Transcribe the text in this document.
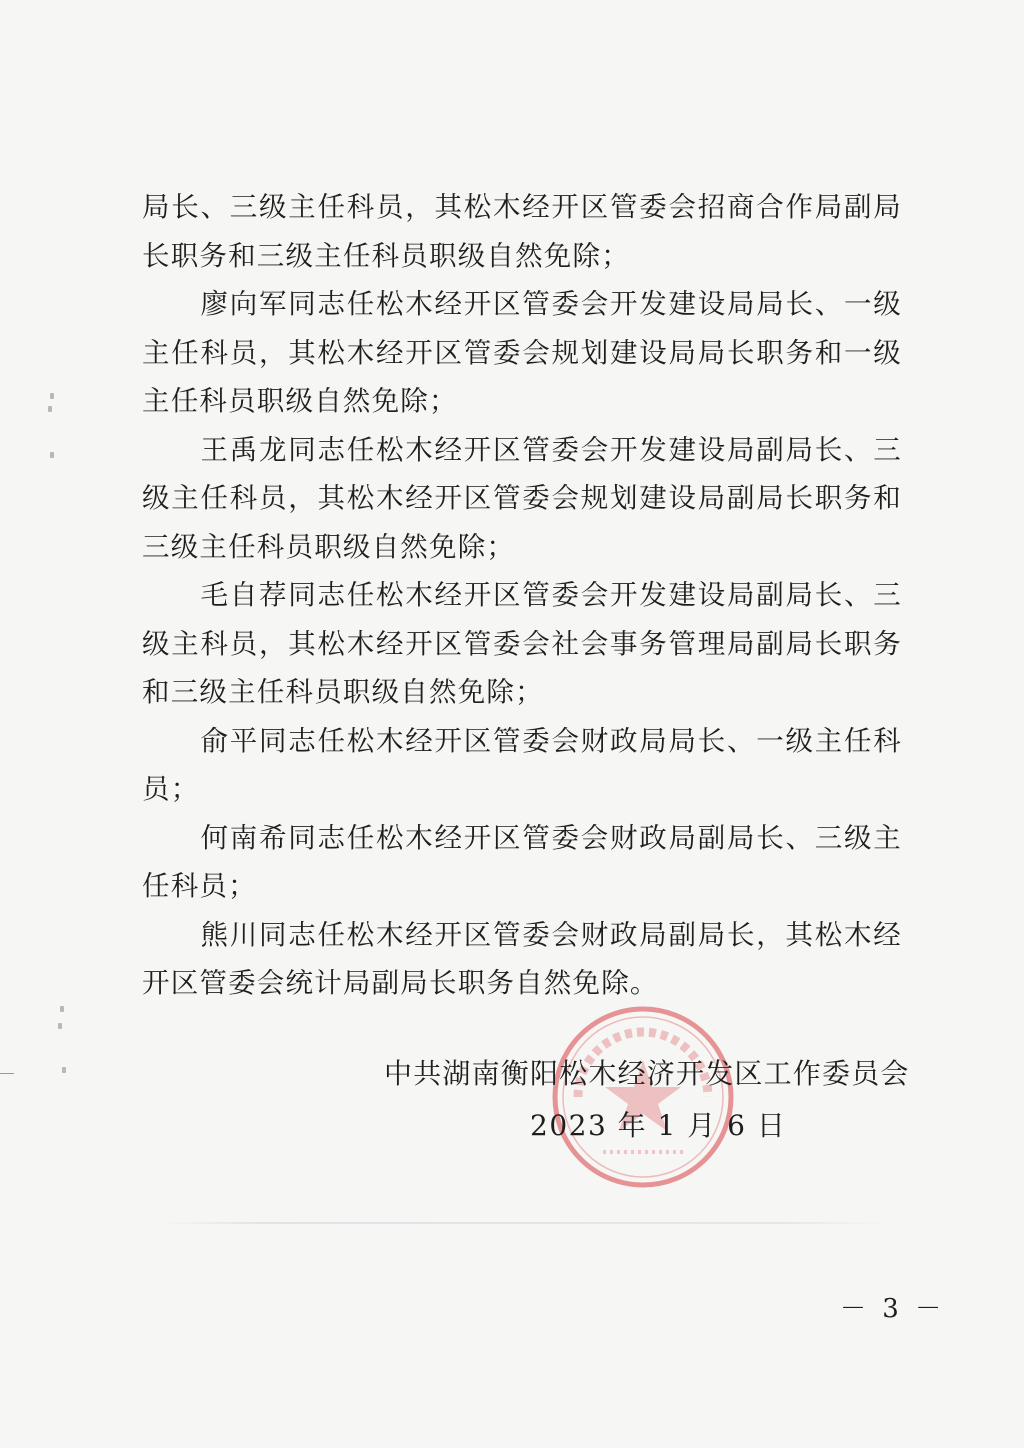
局长、三级主任科员，其松木经开区管委会招商合作局副局长职务和三级主任科员职级自然免除；

廖向军同志任松木经开区管委会开发建设局局长、一级主任科员，其松木经开区管委会规划建设局局长职务和一级主任科员职级自然免除；

王禹龙同志任松木经开区管委会开发建设局副局长、三级主任科员，其松木经开区管委会规划建设局副局长职务和三级主任科员职级自然免除；

毛自荐同志任松木经开区管委会开发建设局副局长、三级主科员，其松木经开区管委会社会事务管理局副局长职务和三级主任科员职级自然免除；

俞平同志任松木经开区管委会财政局局长、一级主任科员；

何南希同志任松木经开区管委会财政局副局长、三级主任科员；

熊川同志任松木经开区管委会财政局副局长，其松木经开区管委会统计局副局长职务自然免除。

中共湖南衡阳松木经济开发区工作委员会
2023 年 1 月 6 日
－ 3 －
